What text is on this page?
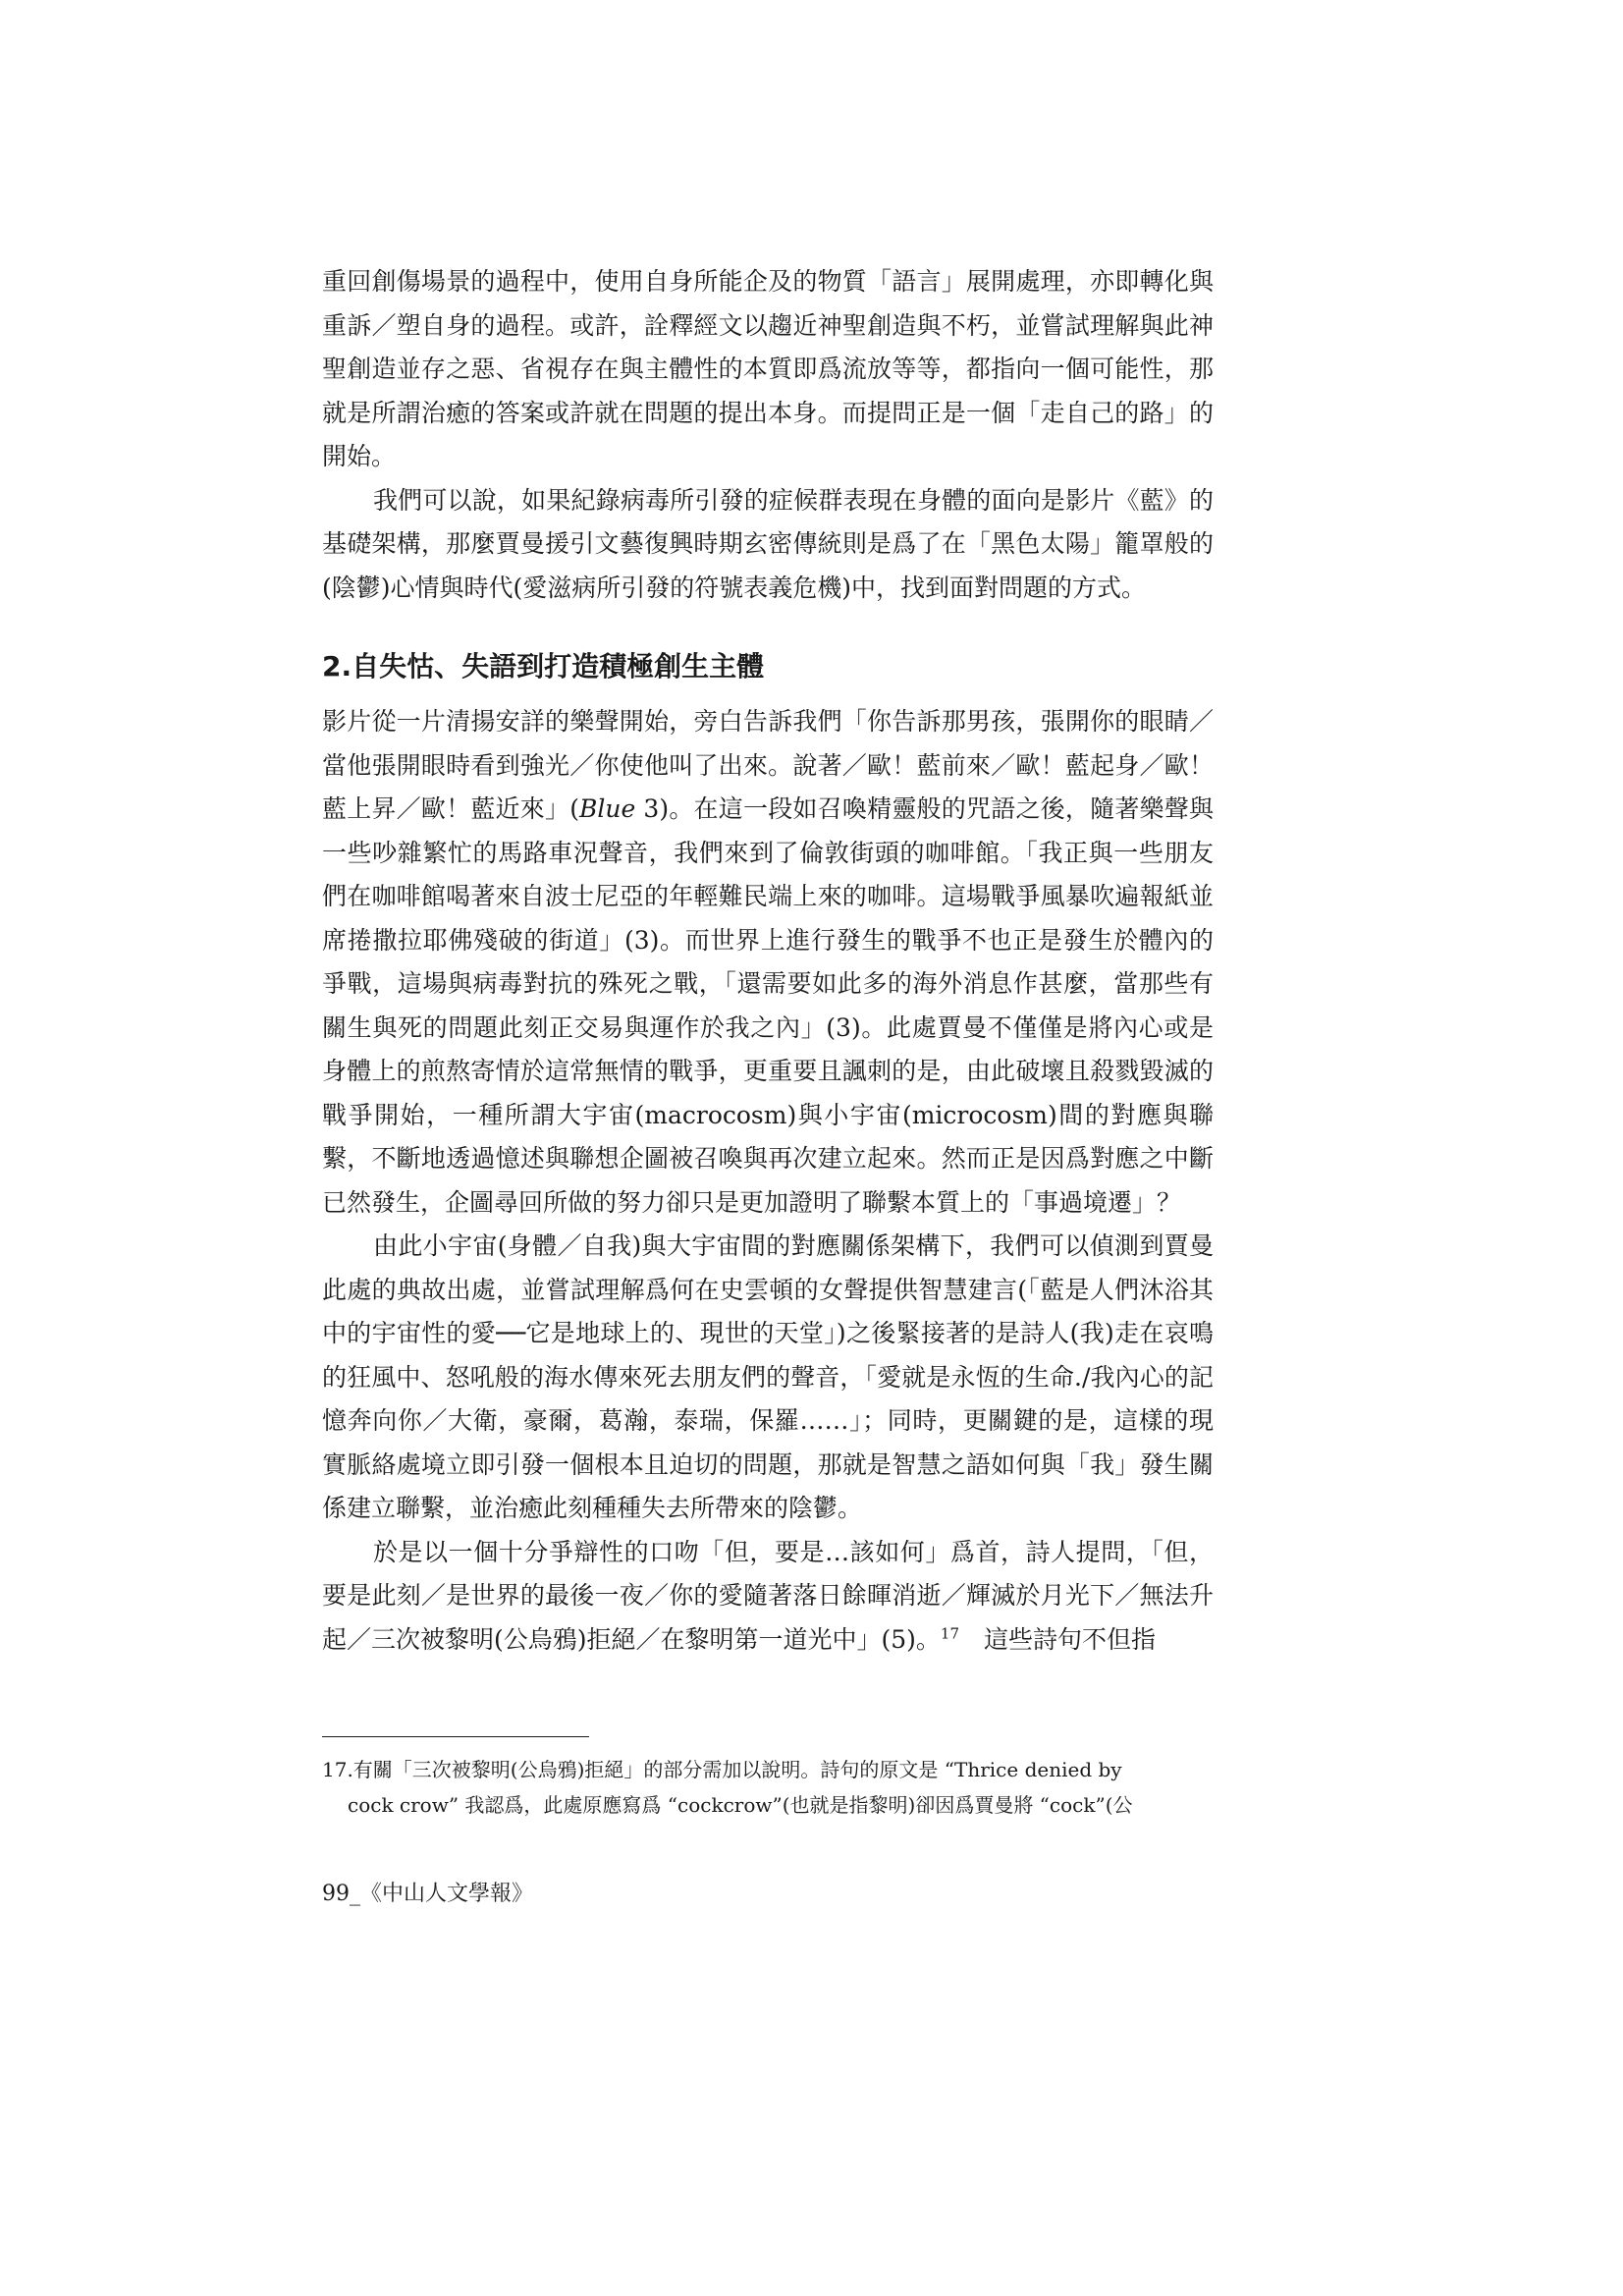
重回創傷場景的過程中，使用自身所能企及的物質「語言」展開處理，亦即轉化與重訴／塑自身的過程。或許，詮釋經文以趨近神聖創造與不朽，並嘗試理解與此神聖創造並存之惡、省視存在與主體性的本質即爲流放等等，都指向一個可能性，那就是所謂治癒的答案或許就在問題的提出本身。而提問正是一個「走自己的路」的開始。

我們可以說，如果紀錄病毒所引發的症候群表現在身體的面向是影片《藍》的基礎架構，那麼賈曼援引文藝復興時期玄密傳統則是爲了在「黑色太陽」籠罩般的(陰鬱)心情與時代(愛滋病所引發的符號表義危機)中，找到面對問題的方式。

2.自失怙、失語到打造積極創生主體

影片從一片清揚安詳的樂聲開始，旁白告訴我們「你告訴那男孩，張開你的眼睛／當他張開眼時看到強光／你使他叫了出來。說著／歐！藍前來／歐！藍起身／歐！藍上昇／歐！藍近來」(Blue 3)。在這一段如召喚精靈般的咒語之後，隨著樂聲與一些吵雜繁忙的馬路車況聲音，我們來到了倫敦街頭的咖啡館。「我正與一些朋友們在咖啡館喝著來自波士尼亞的年輕難民端上來的咖啡。這場戰爭風暴吹遍報紙並席捲撒拉耶佛殘破的街道」(3)。而世界上進行發生的戰爭不也正是發生於體內的爭戰，這場與病毒對抗的殊死之戰，「還需要如此多的海外消息作甚麼，當那些有關生與死的問題此刻正交易與運作於我之內」(3)。此處賈曼不僅僅是將內心或是身體上的煎熬寄情於這常無情的戰爭，更重要且諷刺的是，由此破壞且殺戮毀滅的戰爭開始，一種所謂大宇宙(macrocosm)與小宇宙(microcosm)間的對應與聯繫，不斷地透過憶述與聯想企圖被召喚與再次建立起來。然而正是因爲對應之中斷已然發生，企圖尋回所做的努力卻只是更加證明了聯繫本質上的「事過境遷」？

由此小宇宙(身體／自我)與大宇宙間的對應關係架構下，我們可以偵測到賈曼此處的典故出處，並嘗試理解爲何在史雲頓的女聲提供智慧建言(「藍是人們沐浴其中的宇宙性的愛──它是地球上的、現世的天堂」)之後緊接著的是詩人(我)走在哀鳴的狂風中、怒吼般的海水傳來死去朋友們的聲音，「愛就是永恆的生命./我內心的記憶奔向你／大衛，豪爾，葛瀚，泰瑞，保羅……」；同時，更關鍵的是，這樣的現實脈絡處境立即引發一個根本且迫切的問題，那就是智慧之語如何與「我」發生關係建立聯繫，並治癒此刻種種失去所帶來的陰鬱。

於是以一個十分爭辯性的口吻「但，要是…該如何」爲首，詩人提問，「但，要是此刻／是世界的最後一夜／你的愛隨著落日餘暉消逝／輝滅於月光下／無法升起／三次被黎明(公烏鴉)拒絕／在黎明第一道光中」(5)。$^{17}$　這些詩句不但指

17.有關「三次被黎明(公烏鴉)拒絕」的部分需加以說明。詩句的原文是 “Thrice denied by
cock crow” 我認爲，此處原應寫爲 “cockcrow”(也就是指黎明)卻因爲賈曼將 “cock”(公
99_《中山人文學報》
